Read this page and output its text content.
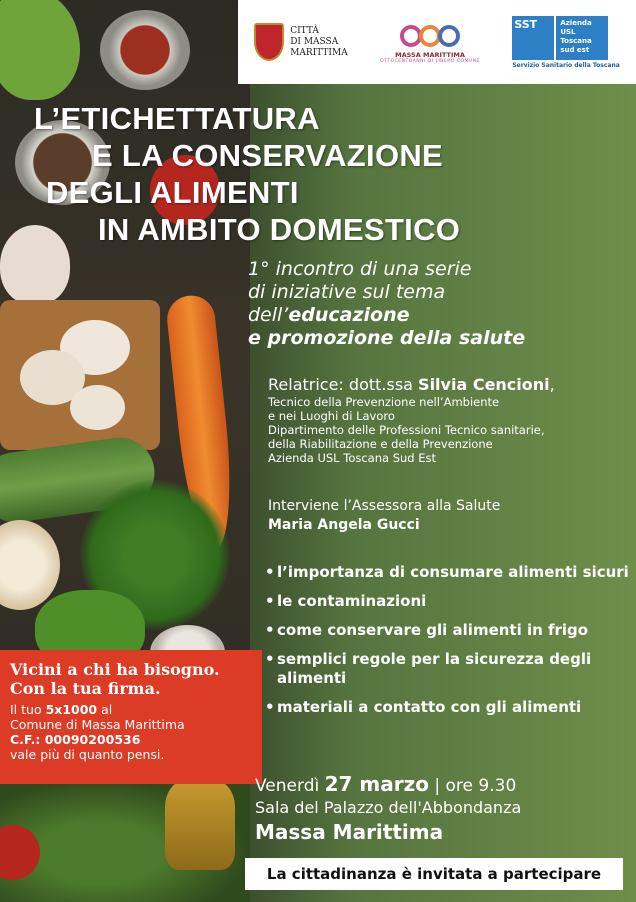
CITTÀ
DI MASSA
MARITTIMA	MASSA MARITTIMA
OTTOCENTOANNI DI LIBERO COMUNE
SST	Azienda
USL
Toscana
sud est
Servizio Sanitario della Toscana
L’ETICHETTATURA
E LA CONSERVAZIONE
DEGLI ALIMENTI
IN AMBITO DOMESTICO
1° incontro di una serie
di iniziative sul tema
dell’educazione
e promozione della salute
Relatrice: dott.ssa Silvia Cencioni,
Tecnico della Prevenzione nell’Ambiente
e nei Luoghi di Lavoro
Dipartimento delle Professioni Tecnico sanitarie,
della Riabilitazione e della Prevenzione
Azienda USL Toscana Sud Est
Interviene l’Assessora alla Salute
Maria Angela Gucci
• l’importanza di consumare alimenti sicuri
• le contaminazioni
• come conservare gli alimenti in frigo
• semplici regole per la sicurezza degli alimenti
• materiali a contatto con gli alimenti
Vicini a chi ha bisogno.
Con la tua firma.
Il tuo 5x1000 al
Comune di Massa Marittima
C.F.: 00090200536
vale più di quanto pensi.
Venerdì 27 marzo | ore 9.30
Sala del Palazzo dell'Abbondanza
Massa Marittima
La cittadinanza è invitata a partecipare
